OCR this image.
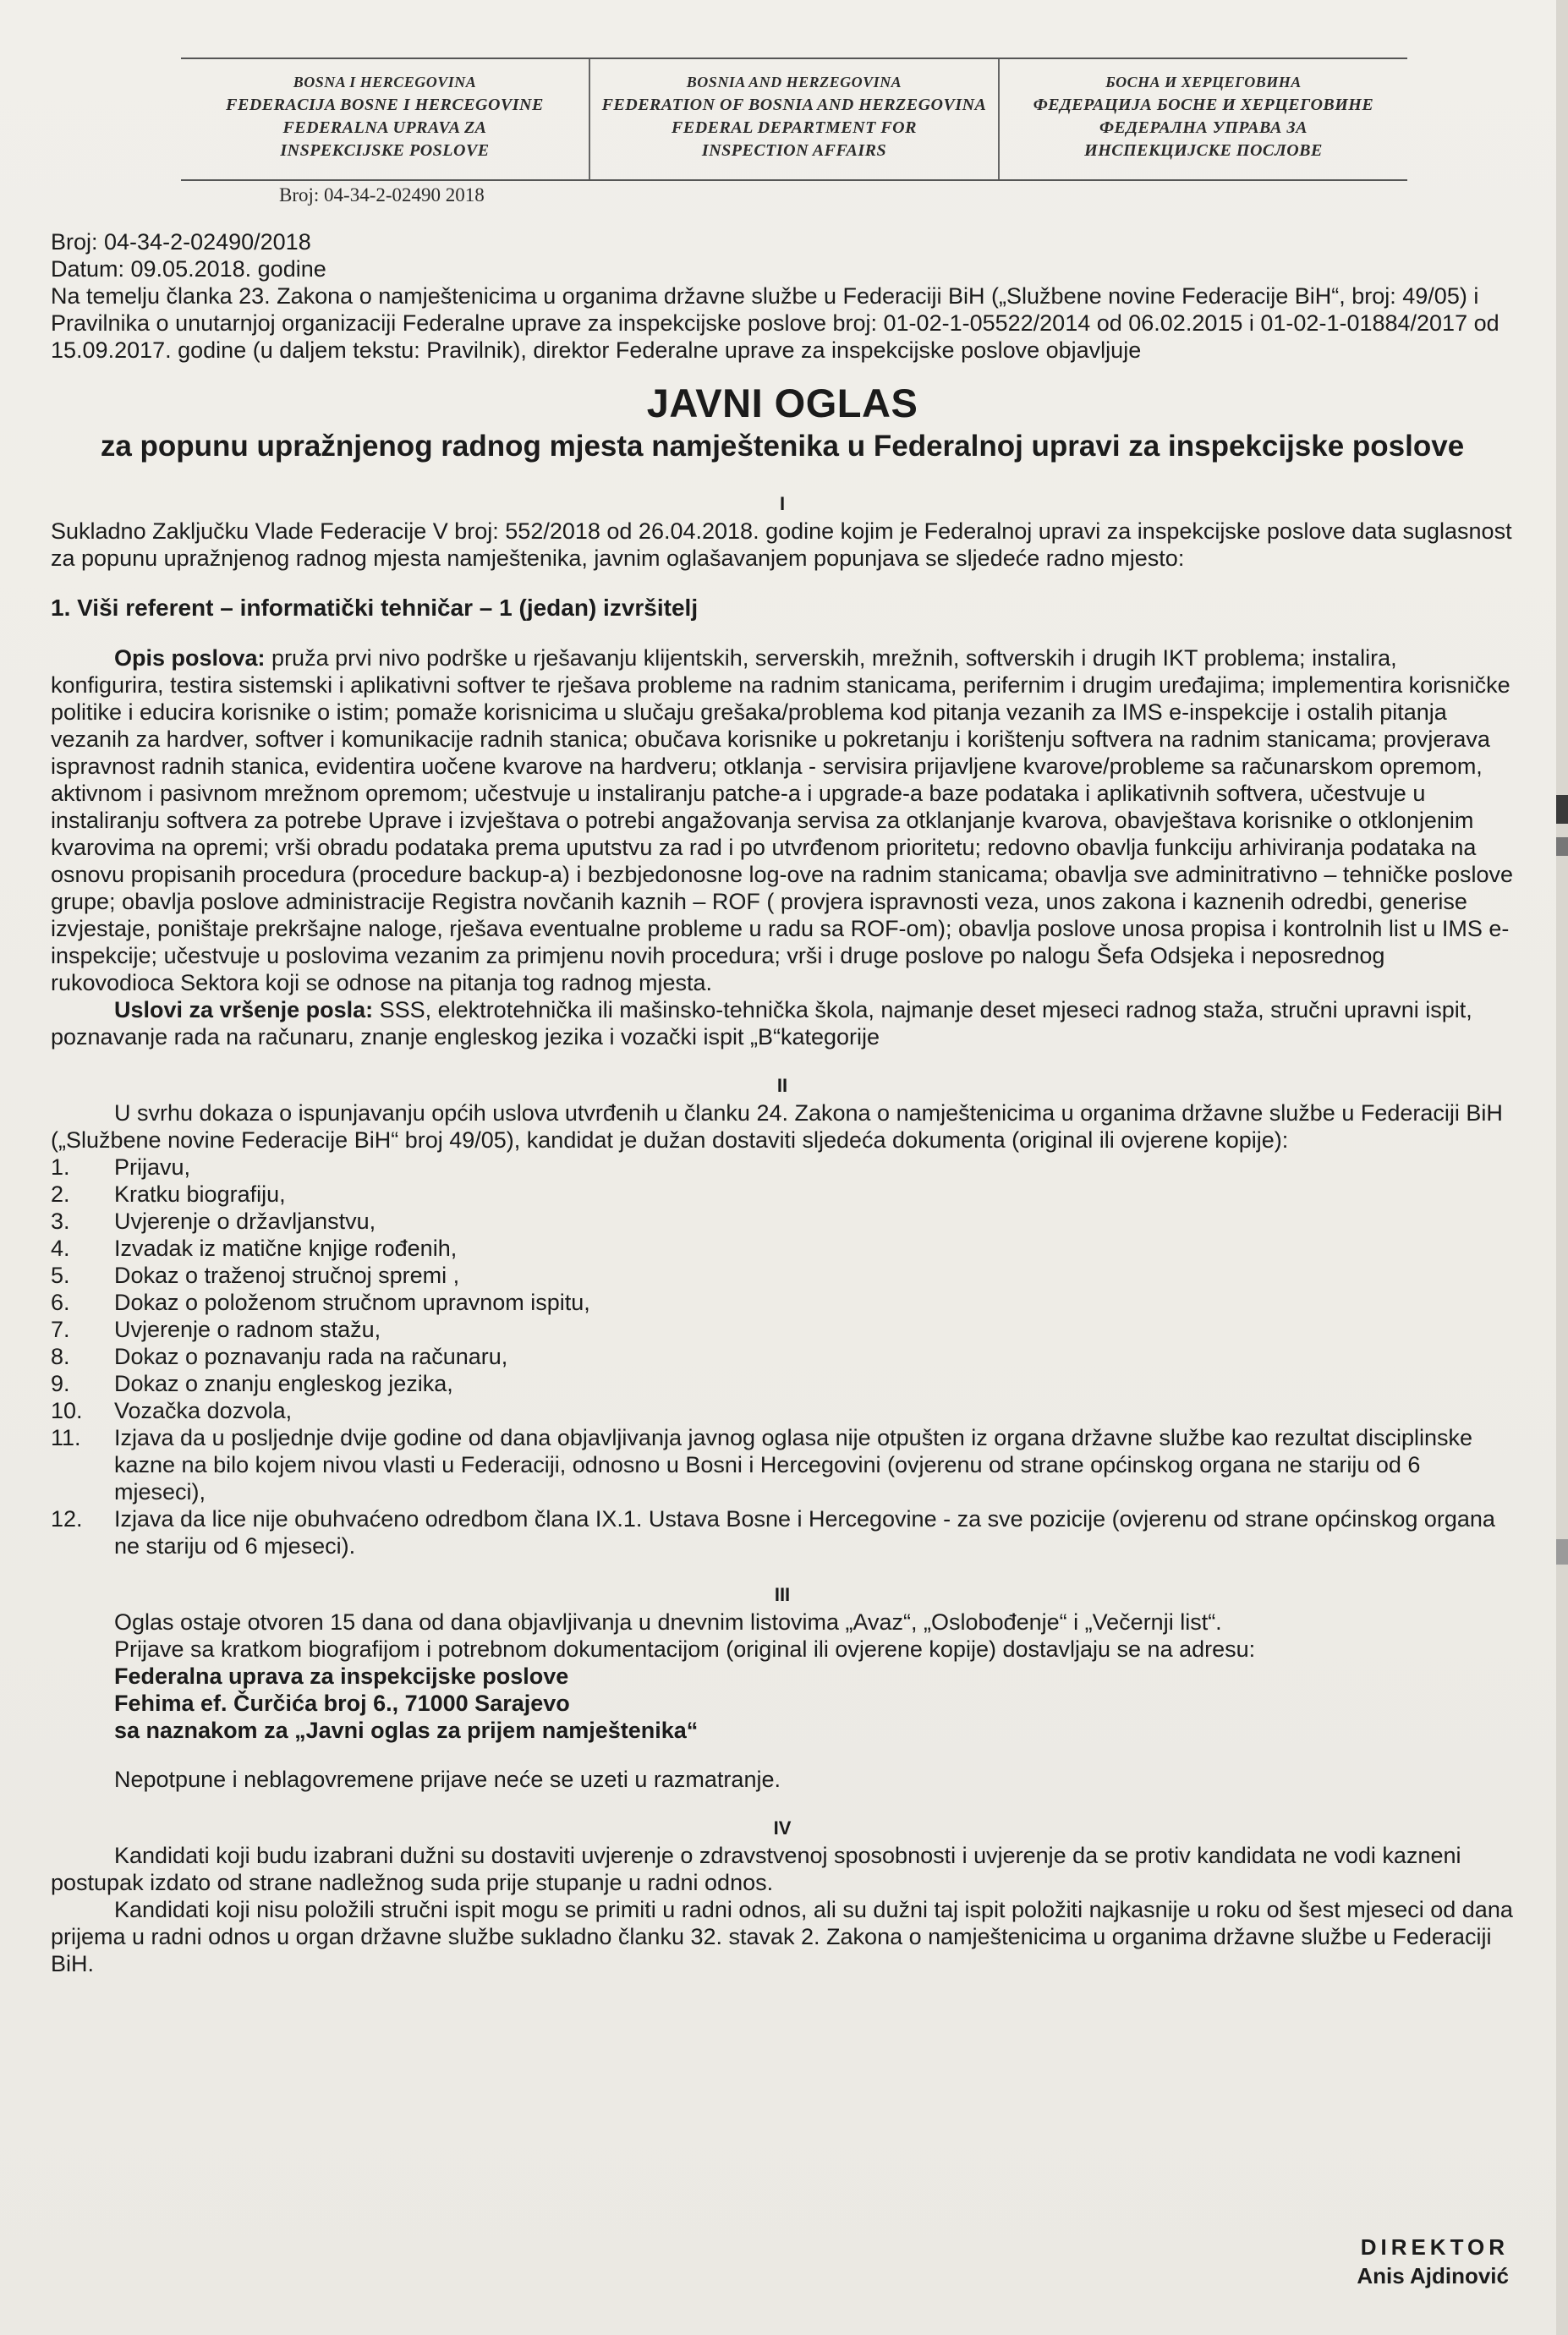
BOSNA I HERCEGOVINA
FEDERACIJA BOSNE I HERCEGOVINE
FEDERALNA UPRAVA ZA
INSPEKCIJSKE POSLOVE
BOSNIA AND HERZEGOVINA
FEDERATION OF BOSNIA AND HERZEGOVINA
FEDERAL DEPARTMENT FOR
INSPECTION AFFAIRS
БОСНА И ХЕРЦЕГОВИНА
ФЕДЕРАЦИЈА БОСНЕ И ХЕРЦЕГОВИНЕ
ФЕДЕРАЛНА УПРАВА ЗА
ИНСПЕКЦИЈСКЕ ПОСЛОВЕ
Broj: 04-34-2-02490 2018

Broj: 04-34-2-02490/2018

Datum: 09.05.2018. godine

Na temelju članka 23. Zakona o namještenicima u organima državne službe u Federaciji BiH („Službene novine Federacije BiH“, broj: 49/05) i Pravilnika o unutarnjoj organizaciji Federalne uprave za inspekcijske poslove broj: 01-02-1-05522/2014 od 06.02.2015 i 01-02-1-01884/2017 od 15.09.2017. godine (u daljem tekstu: Pravilnik), direktor Federalne uprave za inspekcijske poslove objavljuje

JAVNI OGLAS
za popunu upražnjenog radnog mjesta namještenika u Federalnoj upravi za inspekcijske poslove
I

Sukladno Zaključku Vlade Federacije V broj: 552/2018 od 26.04.2018. godine kojim je Federalnoj upravi za inspekcijske poslove data suglasnost za popunu upražnjenog radnog mjesta namještenika, javnim oglašavanjem popunjava se sljedeće radno mjesto:

1. Viši referent – informatički tehničar – 1 (jedan) izvršitelj

Opis poslova: pruža prvi nivo podrške u rješavanju klijentskih, serverskih, mrežnih, softverskih i drugih IKT problema; instalira, konfigurira, testira sistemski i aplikativni softver te rješava probleme na radnim stanicama, perifernim i drugim uređajima; implementira korisničke politike i educira korisnike o istim; pomaže korisnicima u slučaju grešaka/problema kod pitanja vezanih za IMS e-inspekcije i ostalih pitanja vezanih za hardver, softver i komunikacije radnih stanica; obučava korisnike u pokretanju i korištenju softvera na radnim stanicama; provjerava ispravnost radnih stanica, evidentira uočene kvarove na hardveru; otklanja - servisira prijavljene kvarove/probleme sa računarskom opremom, aktivnom i pasivnom mrežnom opremom; učestvuje u instaliranju patche-a i upgrade-a baze podataka i aplikativnih softvera, učestvuje u instaliranju softvera za potrebe Uprave i izvještava o potrebi angažovanja servisa za otklanjanje kvarova, obavještava korisnike o otklonjenim kvarovima na opremi; vrši obradu podataka prema uputstvu za rad i po utvrđenom prioritetu; redovno obavlja funkciju arhiviranja podataka na osnovu propisanih procedura (procedure backup-a) i bezbjedonosne log-ove na radnim stanicama; obavlja sve adminitrativno – tehničke poslove grupe; obavlja poslove administracije Registra novčanih kaznih – ROF ( provjera ispravnosti veza, unos zakona i kaznenih odredbi, generise izvjestaje, poništaje prekršajne naloge, rješava eventualne probleme u radu sa ROF-om); obavlja poslove unosa propisa i kontrolnih list u IMS e-inspekcije; učestvuje u poslovima vezanim za primjenu novih procedura; vrši i druge poslove po nalogu Šefa Odsjeka i neposrednog rukovodioca Sektora koji se odnose na pitanja tog radnog mjesta.

Uslovi za vršenje posla: SSS, elektrotehnička ili mašinsko-tehnička škola, najmanje deset mjeseci radnog staža, stručni upravni ispit, poznavanje rada na računaru, znanje engleskog jezika i vozački ispit „B“kategorije

II

U svrhu dokaza o ispunjavanju općih uslova utvrđenih u članku 24. Zakona o namještenicima u organima državne službe u Federaciji BiH („Službene novine Federacije BiH“ broj 49/05), kandidat je dužan dostaviti sljedeća dokumenta (original ili ovjerene kopije):

1.	Prijavu,
2.	Kratku biografiju,
3.	Uvjerenje o državljanstvu,
4.	Izvadak iz matične knjige rođenih,
5.	Dokaz o traženoj stručnoj spremi ,
6.	Dokaz o položenom stručnom upravnom ispitu,
7.	Uvjerenje o radnom stažu,
8.	Dokaz o poznavanju rada na računaru,
9.	Dokaz o znanju engleskog jezika,
10.	Vozačka dozvola,
11.	Izjava da u posljednje dvije godine od dana objavljivanja javnog oglasa nije otpušten iz organa državne službe kao rezultat disciplinske kazne na bilo kojem nivou vlasti u Federaciji, odnosno u Bosni i Hercegovini (ovjerenu od strane općinskog organa ne stariju od 6 mjeseci),
12.	Izjava da lice nije obuhvaćeno odredbom člana IX.1. Ustava Bosne i Hercegovine - za sve pozicije (ovjerenu od strane općinskog organa ne stariju od 6 mjeseci).
III

Oglas ostaje otvoren 15 dana od dana objavljivanja u dnevnim listovima „Avaz“, „Oslobođenje“ i „Večernji list“.

Prijave sa kratkom biografijom i potrebnom dokumentacijom (original ili ovjerene kopije) dostavljaju se na adresu:

Federalna uprava za inspekcijske poslove

Fehima ef. Čurčića broj 6., 71000 Sarajevo

sa naznakom za „Javni oglas za prijem namještenika“

Nepotpune i neblagovremene prijave neće se uzeti u razmatranje.

IV

Kandidati koji budu izabrani dužni su dostaviti uvjerenje o zdravstvenoj sposobnosti i uvjerenje da se protiv kandidata ne vodi kazneni postupak izdato od strane nadležnog suda prije stupanje u radni odnos.

Kandidati koji nisu položili stručni ispit mogu se primiti u radni odnos, ali su dužni taj ispit položiti najkasnije u roku od šest mjeseci od dana prijema u radni odnos u organ državne službe sukladno članku 32. stavak 2. Zakona o namještenicima u organima državne službe u Federaciji BiH.

DIREKTOR
Anis Ajdinović
